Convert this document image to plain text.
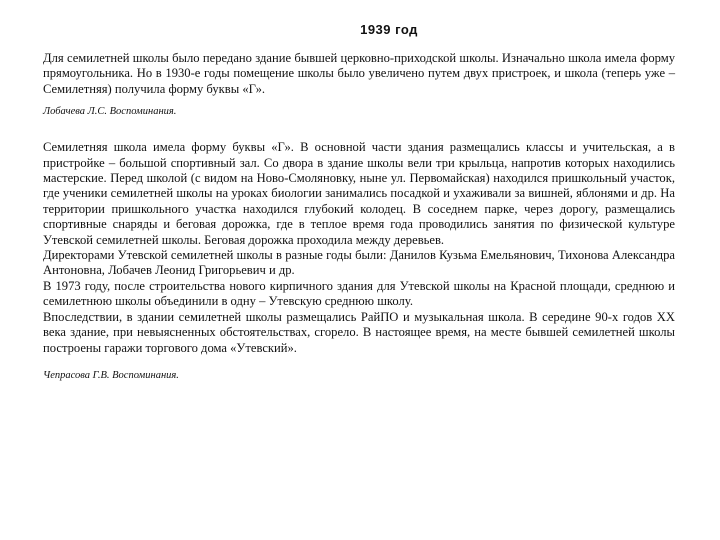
1939 год

Для семилетней школы было передано здание бывшей церковно-приходской школы. Изначально школа имела форму прямоугольника. Но в 1930-е годы помещение школы было увеличено путем двух пристроек, и школа (теперь уже – Семилетняя) получила форму буквы «Г».

Лобачева Л.С. Воспоминания.

Семилетняя школа имела форму буквы «Г». В основной части здания размещались классы и учительская, а в пристройке – большой спортивный зал. Со двора в здание школы вели три крыльца, напротив которых находились мастерские. Перед школой (с видом на Ново-Смоляновку, ныне ул. Первомайская) находился пришкольный участок, где ученики семилетней школы на уроках биологии занимались посадкой и ухаживали за вишней, яблонями и др. На территории пришкольного участка находился глубокий колодец. В соседнем парке, через дорогу, размещались спортивные снаряды и беговая дорожка, где в теплое время года проводились занятия по физической культуре Утевской семилетней школы. Беговая дорожка проходила между деревьев.

Директорами Утевской семилетней школы в разные годы были: Данилов Кузьма Емельянович, Тихонова Александра Антоновна, Лобачев Леонид Григорьевич и др.

В 1973 году, после строительства нового кирпичного здания для Утевской школы на Красной площади, среднюю и семилетнюю школы объединили в одну – Утевскую среднюю школу.

Впоследствии, в здании семилетней школы размещались РайПО и музыкальная школа. В середине 90-х годов XX века здание, при невыясненных обстоятельствах, сгорело. В настоящее время, на месте бывшей семилетней школы построены гаражи торгового дома «Утевский».

Чепрасова Г.В. Воспоминания.
